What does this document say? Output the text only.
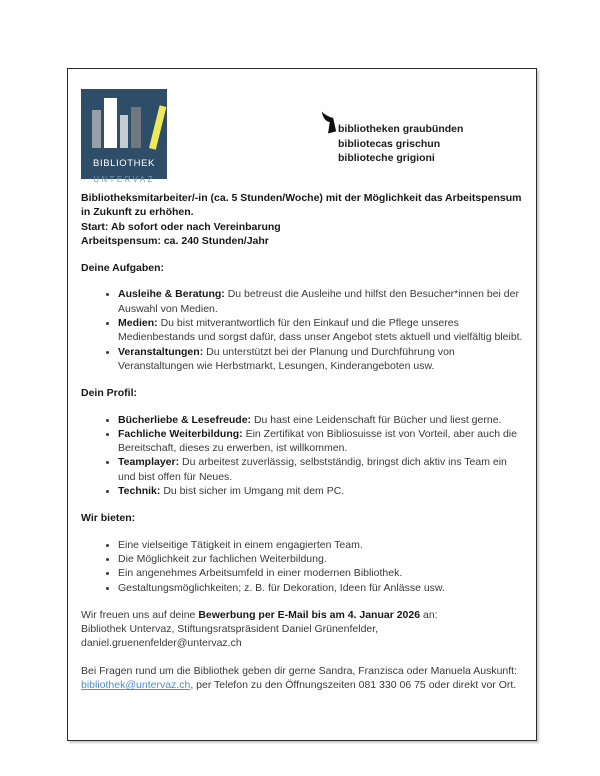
BIBLIOTHEK
UNTERVAZ
bibliotheken graubünden
bibliotecas grischun
biblioteche grigioni

Bibliotheksmitarbeiter/-in (ca. 5 Stunden/Woche) mit der Möglichkeit das Arbeitspensum in Zukunft zu erhöhen.
Start: Ab sofort oder nach Vereinbarung
Arbeitspensum: ca. 240 Stunden/Jahr

Deine Aufgaben:

• Ausleihe & Beratung: Du betreust die Ausleihe und hilfst den Besucher*innen bei der Auswahl von Medien.
• Medien: Du bist mitverantwortlich für den Einkauf und die Pflege unseres Medienbestands und sorgst dafür, dass unser Angebot stets aktuell und vielfältig bleibt.
• Veranstaltungen: Du unterstützt bei der Planung und Durchführung von Veranstaltungen wie Herbstmarkt, Lesungen, Kinderangeboten usw.

Dein Profil:

• Bücherliebe & Lesefreude: Du hast eine Leidenschaft für Bücher und liest gerne.
• Fachliche Weiterbildung: Ein Zertifikat von Bibliosuisse ist von Vorteil, aber auch die Bereitschaft, dieses zu erwerben, ist willkommen.
• Teamplayer: Du arbeitest zuverlässig, selbstständig, bringst dich aktiv ins Team ein und bist offen für Neues.
• Technik: Du bist sicher im Umgang mit dem PC.

Wir bieten:

• Eine vielseitige Tätigkeit in einem engagierten Team.
• Die Möglichkeit zur fachlichen Weiterbildung.
• Ein angenehmes Arbeitsumfeld in einer modernen Bibliothek.
• Gestaltungsmöglichkeiten; z. B. für Dekoration, Ideen für Anlässe usw.

Wir freuen uns auf deine Bewerbung per E-Mail bis am 4. Januar 2026 an:
Bibliothek Untervaz, Stiftungsratspräsident Daniel Grünenfelder,
daniel.gruenenfelder@untervaz.ch

Bei Fragen rund um die Bibliothek geben dir gerne Sandra, Franzisca oder Manuela Auskunft: bibliothek@untervaz.ch, per Telefon zu den Öffnungszeiten 081 330 06 75 oder direkt vor Ort.
